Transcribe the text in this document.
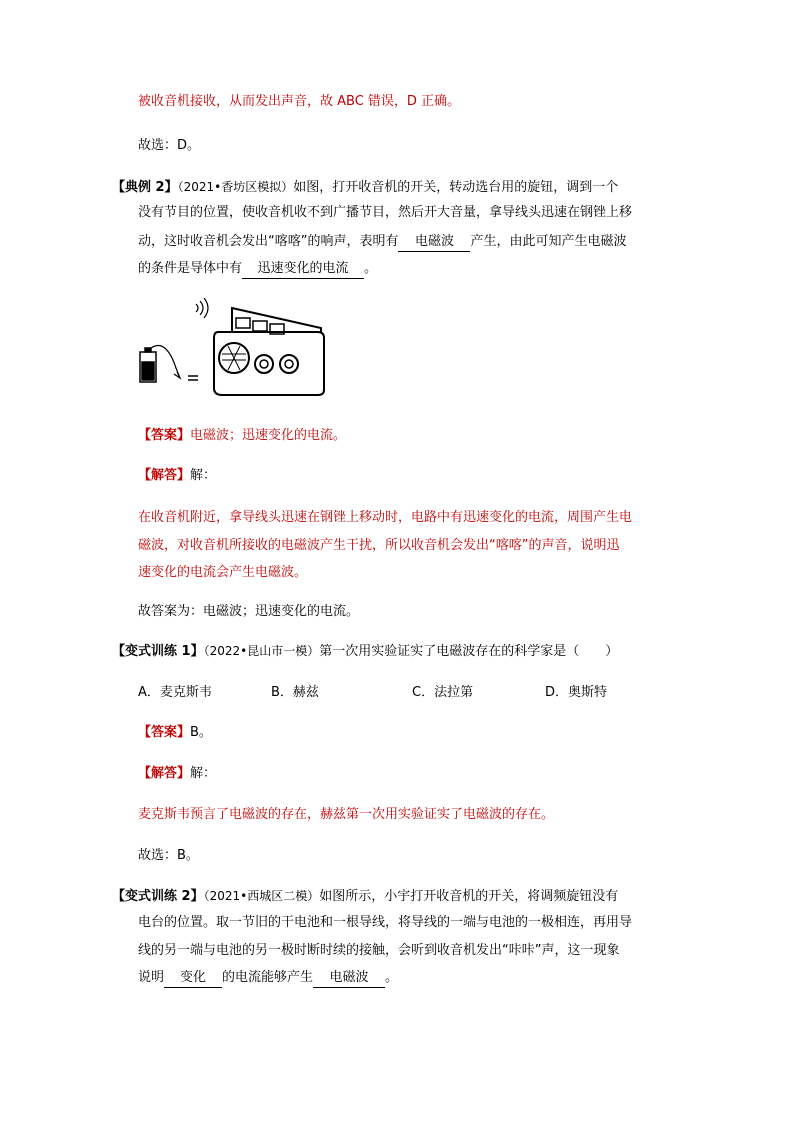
被收音机接收，从而发出声音，故 ABC 错误，D 正确。
故选：D。
【典例 2】（2021•香坊区模拟）如图，打开收音机的开关，转动选台用的旋钮，调到一个
没有节目的位置，使收音机收不到广播节目，然后开大音量，拿导线头迅速在钢锉上移
动，这时收音机会发出“喀喀”的响声，表明有 电磁波 产生，由此可知产生电磁波
的条件是导体中有 迅速变化的电流 。
【答案】电磁波；迅速变化的电流。
【解答】解：
在收音机附近，拿导线头迅速在钢锉上移动时，电路中有迅速变化的电流，周围产生电
磁波，对收音机所接收的电磁波产生干扰，所以收音机会发出“喀喀”的声音，说明迅
速变化的电流会产生电磁波。
故答案为：电磁波；迅速变化的电流。
【变式训练 1】（2022•昆山市一模）第一次用实验证实了电磁波存在的科学家是（　　）
A．麦克斯韦	B．赫兹	C．法拉第	D．奥斯特
【答案】B。
【解答】解：
麦克斯韦预言了电磁波的存在，赫兹第一次用实验证实了电磁波的存在。
故选：B。
【变式训练 2】（2021•西城区二模）如图所示，小宇打开收音机的开关，将调频旋钮没有
电台的位置。取一节旧的干电池和一根导线，将导线的一端与电池的一极相连，再用导
线的另一端与电池的另一极时断时续的接触，会听到收音机发出“咔咔”声，这一现象
说明 变化 的电流能够产生 电磁波 。
